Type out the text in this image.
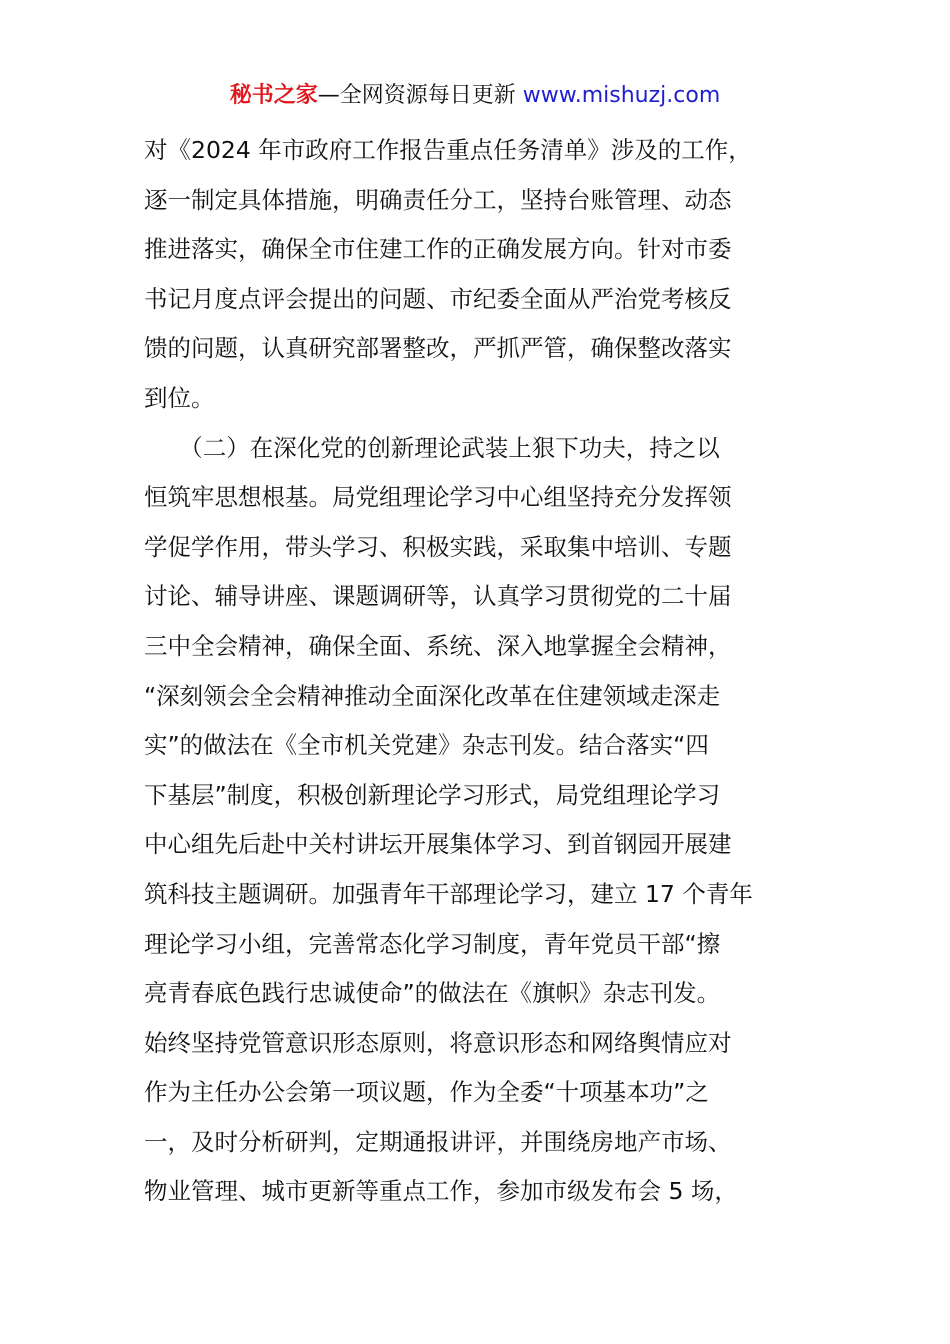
秘书之家—全网资源每日更新 www.mishuzj.com
对《2024 年市政府工作报告重点任务清单》涉及的工作，
逐一制定具体措施，明确责任分工，坚持台账管理、动态
推进落实，确保全市住建工作的正确发展方向。针对市委
书记月度点评会提出的问题、市纪委全面从严治党考核反
馈的问题，认真研究部署整改，严抓严管，确保整改落实
到位。
　　（二）在深化党的创新理论武装上狠下功夫，持之以
恒筑牢思想根基。局党组理论学习中心组坚持充分发挥领
学促学作用，带头学习、积极实践，采取集中培训、专题
讨论、辅导讲座、课题调研等，认真学习贯彻党的二十届
三中全会精神，确保全面、系统、深入地掌握全会精神，
“深刻领会全会精神推动全面深化改革在住建领域走深走
实”的做法在《全市机关党建》杂志刊发。结合落实“四
下基层”制度，积极创新理论学习形式，局党组理论学习
中心组先后赴中关村讲坛开展集体学习、到首钢园开展建
筑科技主题调研。加强青年干部理论学习，建立 17 个青年
理论学习小组，完善常态化学习制度，青年党员干部“擦
亮青春底色践行忠诚使命”的做法在《旗帜》杂志刊发。
始终坚持党管意识形态原则，将意识形态和网络舆情应对
作为主任办公会第一项议题，作为全委“十项基本功”之
一，及时分析研判，定期通报讲评，并围绕房地产市场、
物业管理、城市更新等重点工作，参加市级发布会 5 场，
